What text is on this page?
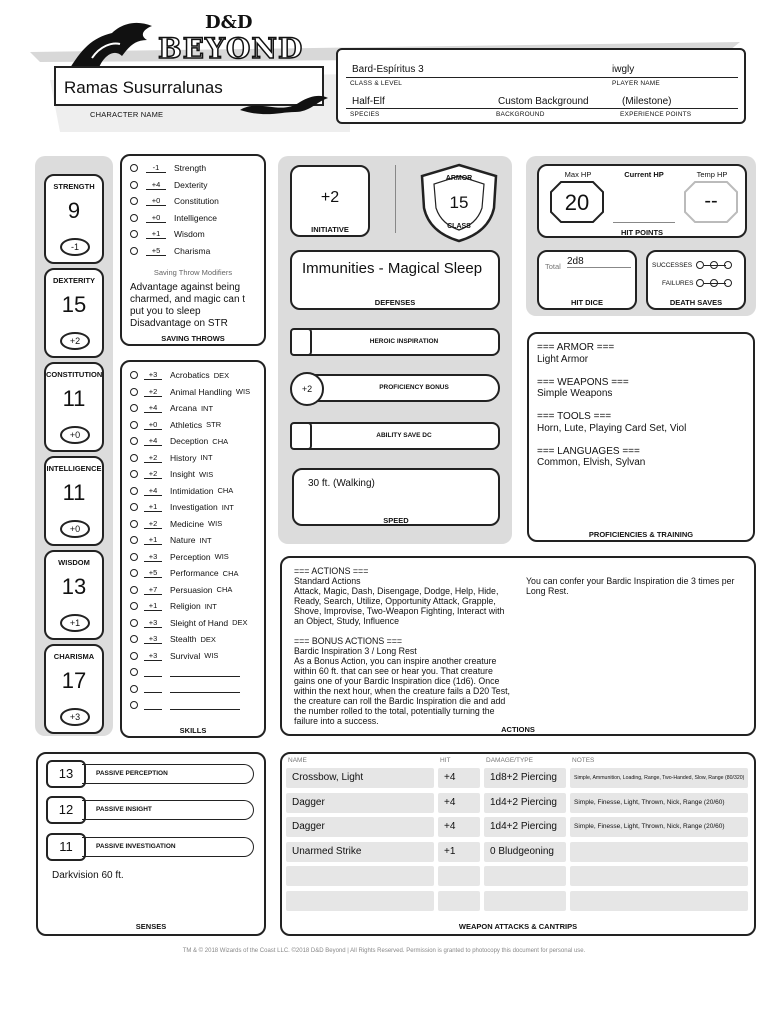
D&D
BEYOND
Ramas Susurralunas
CHARACTER NAME
Bard-Espíritus 3	iwgly
CLASS & LEVEL	PLAYER NAME
Half-Elf	Custom Background	(Milestone)
SPECIES	BACKGROUND	EXPERIENCE POINTS
STRENGTH
9
-1
DEXTERITY
15
+2
CONSTITUTION
11
+0
INTELLIGENCE
11
+0
WISDOM
13
+1
CHARISMA
17
+3
-1	Strength
+4	Dexterity
+0	Constitution
+0	Intelligence
+1	Wisdom
+5	Charisma
Saving Throw Modifiers
Advantage against being charmed, and magic can t put you to sleep
Disadvantage on STR
SAVING THROWS
+3	Acrobatics DEX
+2	Animal Handling WIS
+4	Arcana INT
+0	Athletics STR
+4	Deception CHA
+2	History INT
+2	Insight WIS
+4	Intimidation CHA
+1	Investigation INT
+2	Medicine WIS
+1	Nature INT
+3	Perception WIS
+5	Performance CHA
+7	Persuasion CHA
+1	Religion INT
+3	Sleight of Hand DEX
+3	Stealth DEX
+3	Survival WIS
SKILLS
+2
INITIATIVE
ARMOR
15
CLASS
Immunities - Magical Sleep
DEFENSES
HEROIC INSPIRATION
+2	PROFICIENCY BONUS
ABILITY SAVE DC
30 ft. (Walking)
SPEED
Max HP
20
Current HP	Temp HP
--
HIT POINTS
Total 2d8
HIT DICE
SUCCESSES
FAILURES
DEATH SAVES
=== ARMOR ===
Light Armor

=== WEAPONS ===
Simple Weapons

=== TOOLS ===
Horn, Lute, Playing Card Set, Viol

=== LANGUAGES ===
Common, Elvish, Sylvan
PROFICIENCIES & TRAINING
=== ACTIONS ===
Standard Actions
Attack, Magic, Dash, Disengage, Dodge, Help, Hide, Ready, Search, Utilize, Opportunity Attack, Grapple, Shove, Improvise, Two-Weapon Fighting, Interact with an Object, Study, Influence

=== BONUS ACTIONS ===
Bardic Inspiration 3 / Long Rest
As a Bonus Action, you can inspire another creature within 60 ft. that can see or hear you. That creature gains one of your Bardic Inspiration dice (1d6). Once within the next hour, when the creature fails a D20 Test, the creature can roll the Bardic Inspiration die and add the number rolled to the total, potentially turning the failure into a success.
You can confer your Bardic Inspiration die 3 times per Long Rest.
ACTIONS
13	PASSIVE PERCEPTION
12	PASSIVE INSIGHT
11	PASSIVE INVESTIGATION
Darkvision 60 ft.
SENSES
NAME	HIT	DAMAGE/TYPE	NOTES
Crossbow, Light	+4	1d8+2 Piercing	Simple, Ammunition, Loading, Range, Two-Handed, Slow, Range (80/320)
Dagger	+4	1d4+2 Piercing	Simple, Finesse, Light, Thrown, Nick, Range (20/60)
Dagger	+4	1d4+2 Piercing	Simple, Finesse, Light, Thrown, Nick, Range (20/60)
Unarmed Strike	+1	0 Bludgeoning
WEAPON ATTACKS & CANTRIPS
TM & © 2018 Wizards of the Coast LLC. ©2018 D&D Beyond | All Rights Reserved. Permission is granted to photocopy this document for personal use.
